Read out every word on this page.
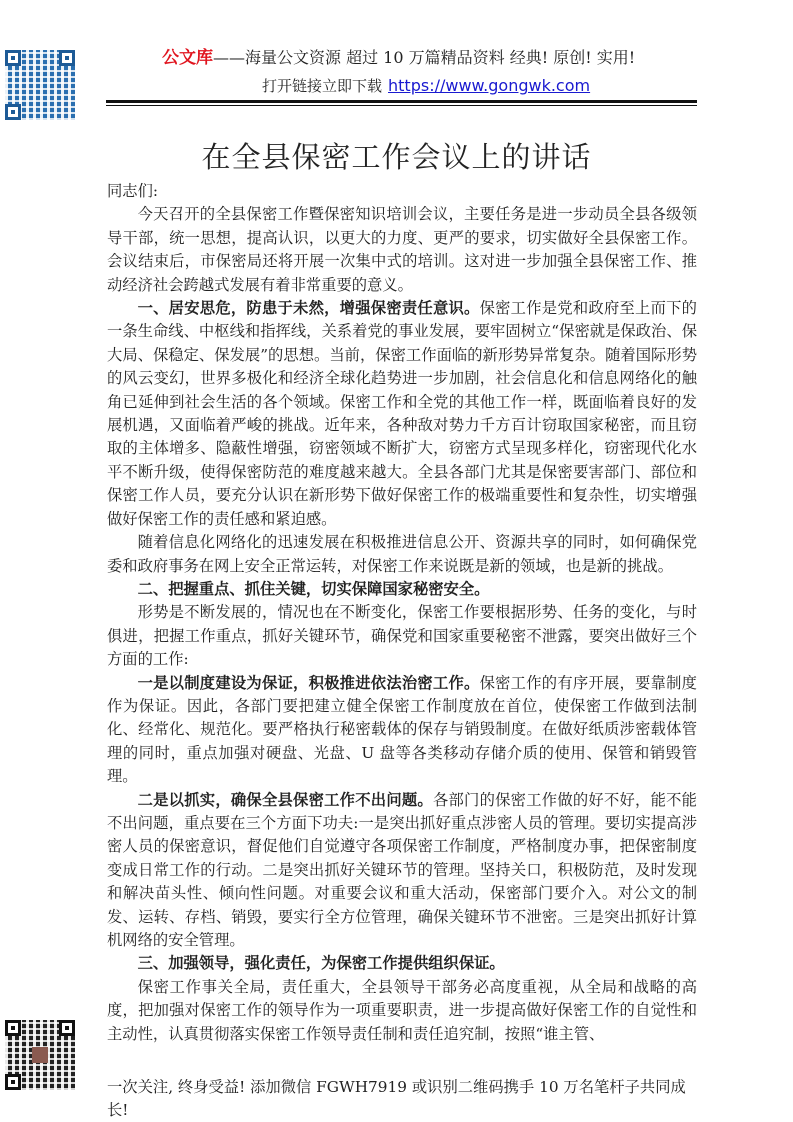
公文库——海量公文资源 超过 10 万篇精品资料 经典! 原创! 实用!
打开链接立即下载 https://www.gongwk.com
在全县保密工作会议上的讲话

同志们:

今天召开的全县保密工作暨保密知识培训会议，主要任务是进一步动员全县各级领导干部，统一思想，提高认识，以更大的力度、更严的要求，切实做好全县保密工作。会议结束后，市保密局还将开展一次集中式的培训。这对进一步加强全县保密工作、推动经济社会跨越式发展有着非常重要的意义。

一、居安思危，防患于未然，增强保密责任意识。保密工作是党和政府至上而下的一条生命线、中枢线和指挥线，关系着党的事业发展，要牢固树立“保密就是保政治、保大局、保稳定、保发展”的思想。当前，保密工作面临的新形势异常复杂。随着国际形势的风云变幻，世界多极化和经济全球化趋势进一步加剧，社会信息化和信息网络化的触角已延伸到社会生活的各个领域。保密工作和全党的其他工作一样，既面临着良好的发展机遇，又面临着严峻的挑战。近年来，各种敌对势力千方百计窃取国家秘密，而且窃取的主体增多、隐蔽性增强，窃密领域不断扩大，窃密方式呈现多样化，窃密现代化水平不断升级，使得保密防范的难度越来越大。全县各部门尤其是保密要害部门、部位和保密工作人员，要充分认识在新形势下做好保密工作的极端重要性和复杂性，切实增强做好保密工作的责任感和紧迫感。

随着信息化网络化的迅速发展在积极推进信息公开、资源共享的同时，如何确保党委和政府事务在网上安全正常运转，对保密工作来说既是新的领域，也是新的挑战。

二、把握重点、抓住关键，切实保障国家秘密安全。

形势是不断发展的，情况也在不断变化，保密工作要根据形势、任务的变化，与时俱进，把握工作重点，抓好关键环节，确保党和国家重要秘密不泄露，要突出做好三个方面的工作:

一是以制度建设为保证，积极推进依法治密工作。保密工作的有序开展，要靠制度作为保证。因此，各部门要把建立健全保密工作制度放在首位，使保密工作做到法制化、经常化、规范化。要严格执行秘密载体的保存与销毁制度。在做好纸质涉密载体管理的同时，重点加强对硬盘、光盘、U 盘等各类移动存储介质的使用、保管和销毁管理。

二是以抓实，确保全县保密工作不出问题。各部门的保密工作做的好不好，能不能不出问题，重点要在三个方面下功夫:一是突出抓好重点涉密人员的管理。要切实提高涉密人员的保密意识，督促他们自觉遵守各项保密工作制度，严格制度办事，把保密制度变成日常工作的行动。二是突出抓好关键环节的管理。坚持关口，积极防范，及时发现和解决苗头性、倾向性问题。对重要会议和重大活动，保密部门要介入。对公文的制发、运转、存档、销毁，要实行全方位管理，确保关键环节不泄密。三是突出抓好计算机网络的安全管理。

三、加强领导，强化责任，为保密工作提供组织保证。

保密工作事关全局，责任重大，全县领导干部务必高度重视，从全局和战略的高度，把加强对保密工作的领导作为一项重要职责，进一步提高做好保密工作的自觉性和主动性，认真贯彻落实保密工作领导责任制和责任追究制，按照“谁主管、

一次关注, 终身受益! 添加微信 FGWH7919 或识别二维码携手 10 万名笔杆子共同成长!
